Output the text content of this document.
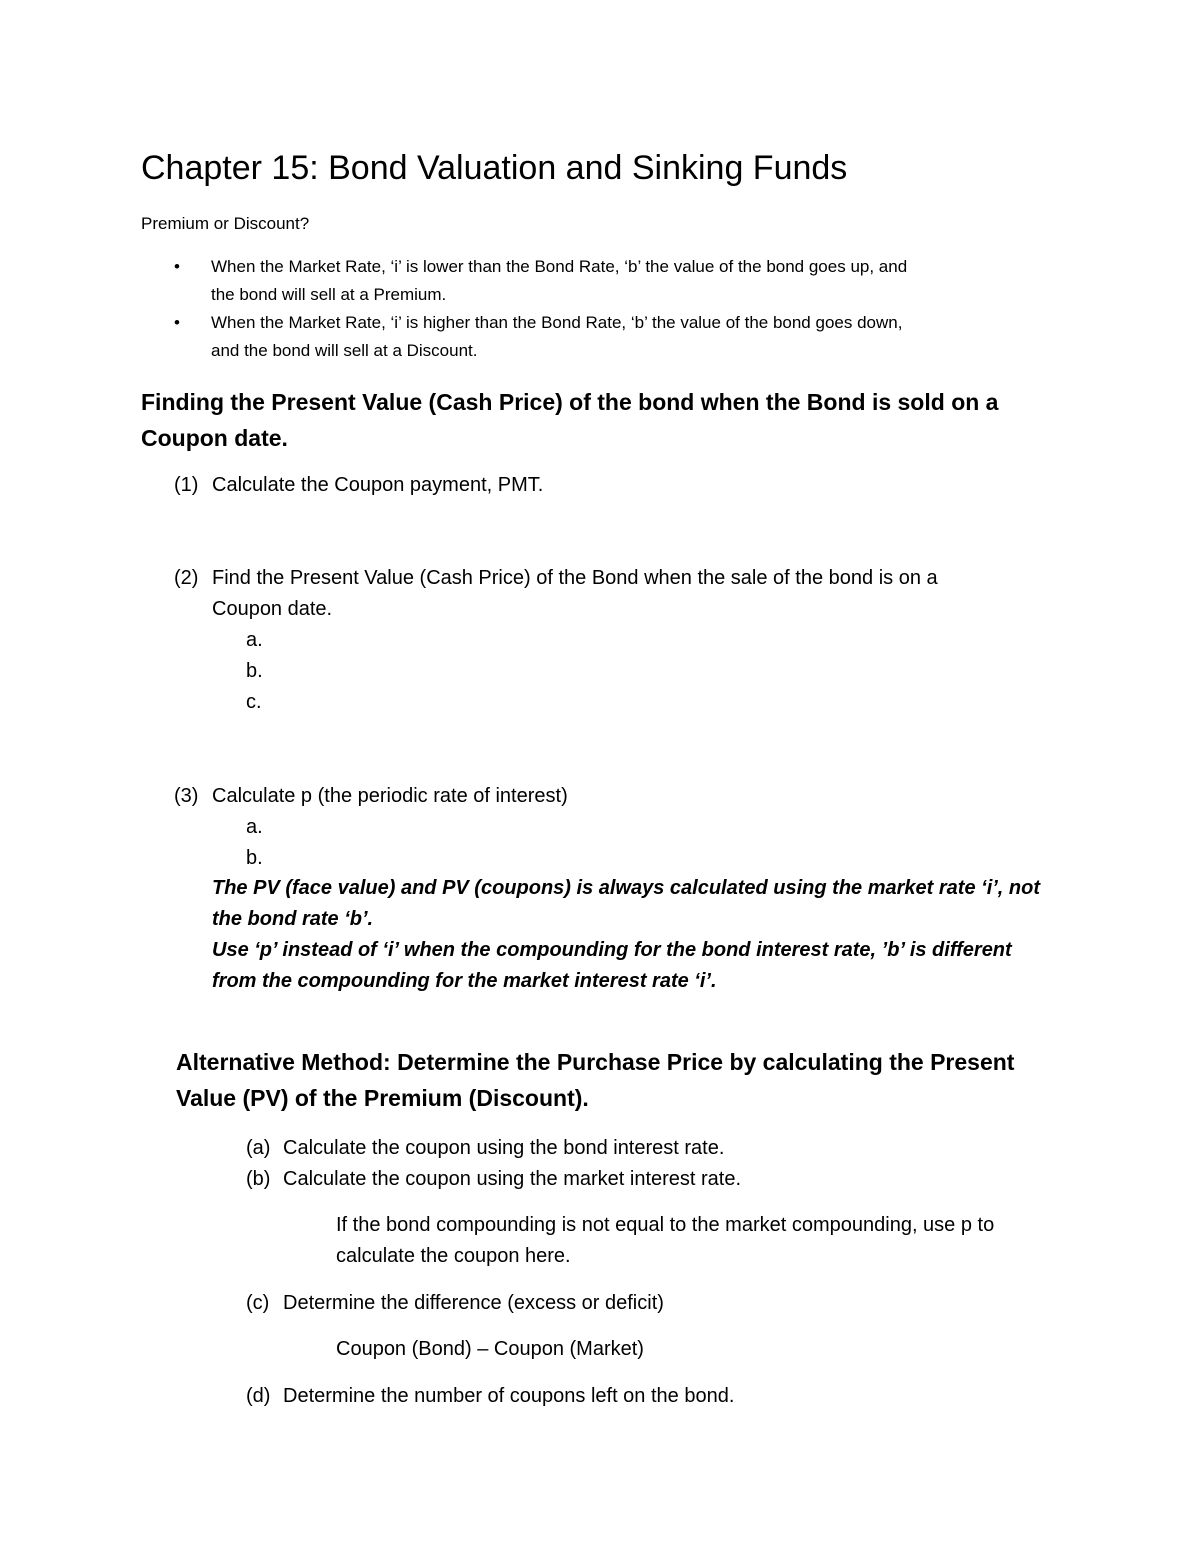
Chapter 15: Bond Valuation and Sinking Funds
Premium or Discount?
• When the Market Rate, ‘i’ is lower than the Bond Rate, ‘b’ the value of the bond goes up, and
the bond will sell at a Premium.
• When the Market Rate, ‘i’ is higher than the Bond Rate, ‘b’ the value of the bond goes down,
and the bond will sell at a Discount.
Finding the Present Value (Cash Price) of the bond when the Bond is sold on a
Coupon date.
(1) Calculate the Coupon payment, PMT.
(2) Find the Present Value (Cash Price) of the Bond when the sale of the bond is on a
Coupon date.
a.
b.
c.
(3) Calculate p (the periodic rate of interest)
a.
b.
The PV (face value) and PV (coupons) is always calculated using the market rate ‘i’, not
the bond rate ‘b’.
Use ‘p’ instead of ‘i’ when the compounding for the bond interest rate, ’b’ is different
from the compounding for the market interest rate ‘i’.
Alternative Method: Determine the Purchase Price by calculating the Present
Value (PV) of the Premium (Discount).
(a) Calculate the coupon using the bond interest rate.
(b) Calculate the coupon using the market interest rate.
If the bond compounding is not equal to the market compounding, use p to
calculate the coupon here.
(c) Determine the difference (excess or deficit)
Coupon (Bond) – Coupon (Market)
(d) Determine the number of coupons left on the bond.
